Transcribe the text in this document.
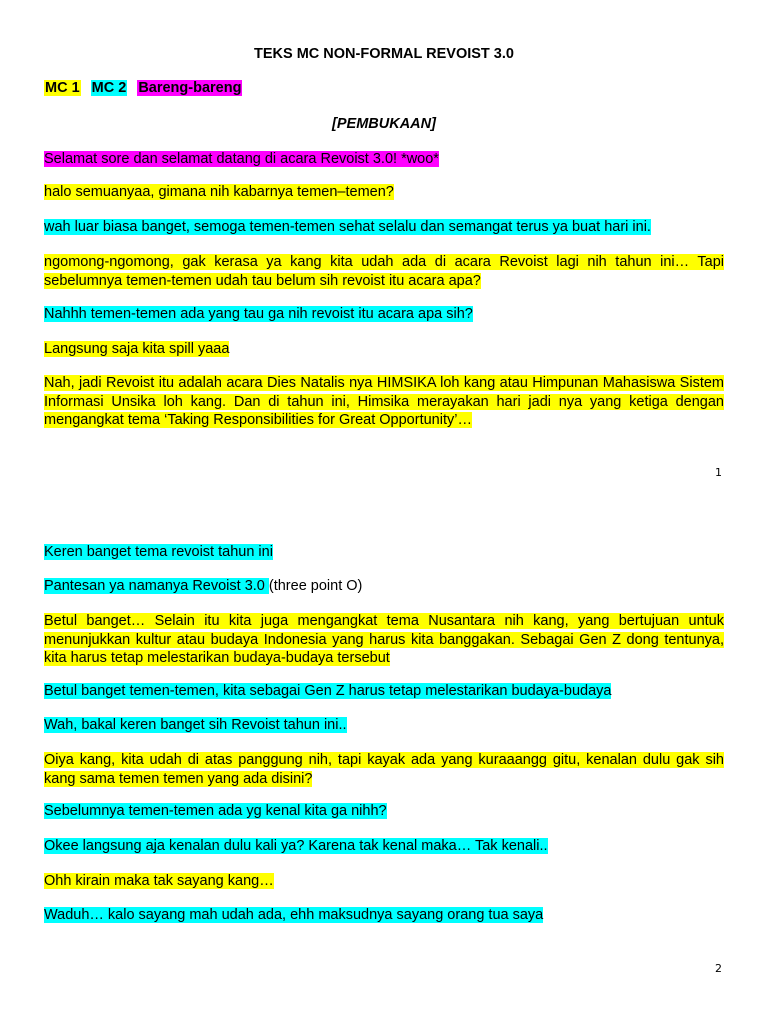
TEKS MC NON-FORMAL REVOIST 3.0
MC 1 MC 2 Bareng-bareng
[PEMBUKAAN]
Selamat sore dan selamat datang di acara Revoist 3.0! *woo*
halo semuanyaa, gimana nih kabarnya temen–temen?
wah luar biasa banget, semoga temen-temen sehat selalu dan semangat terus ya buat hari ini.
ngomong-ngomong, gak kerasa ya kang kita udah ada di acara Revoist lagi nih tahun ini… Tapi sebelumnya temen-temen udah tau belum sih revoist itu acara apa?
Nahhh temen-temen ada yang tau ga nih revoist itu acara apa sih?
Langsung saja kita spill yaaa
Nah, jadi Revoist itu adalah acara Dies Natalis nya HIMSIKA loh kang atau Himpunan Mahasiswa Sistem Informasi Unsika loh kang. Dan di tahun ini, Himsika merayakan hari jadi nya yang ketiga dengan mengangkat tema ‘Taking Responsibilities for Great Opportunity’…
1
Keren banget tema revoist tahun ini
Pantesan ya namanya Revoist 3.0 (three point O)
Betul banget… Selain itu kita juga mengangkat tema Nusantara nih kang, yang bertujuan untuk menunjukkan kultur atau budaya Indonesia yang harus kita banggakan. Sebagai Gen Z dong tentunya, kita harus tetap melestarikan budaya-budaya tersebut
Betul banget temen-temen, kita sebagai Gen Z harus tetap melestarikan budaya-budaya
Wah, bakal keren banget sih Revoist tahun ini..
Oiya kang, kita udah di atas panggung nih, tapi kayak ada yang kuraaangg gitu, kenalan dulu gak sih kang sama temen temen yang ada disini?
Sebelumnya temen-temen ada yg kenal kita ga nihh?
Okee langsung aja kenalan dulu kali ya? Karena tak kenal maka… Tak kenali..
Ohh kirain maka tak sayang kang…
Waduh… kalo sayang mah udah ada, ehh maksudnya sayang orang tua saya
2
